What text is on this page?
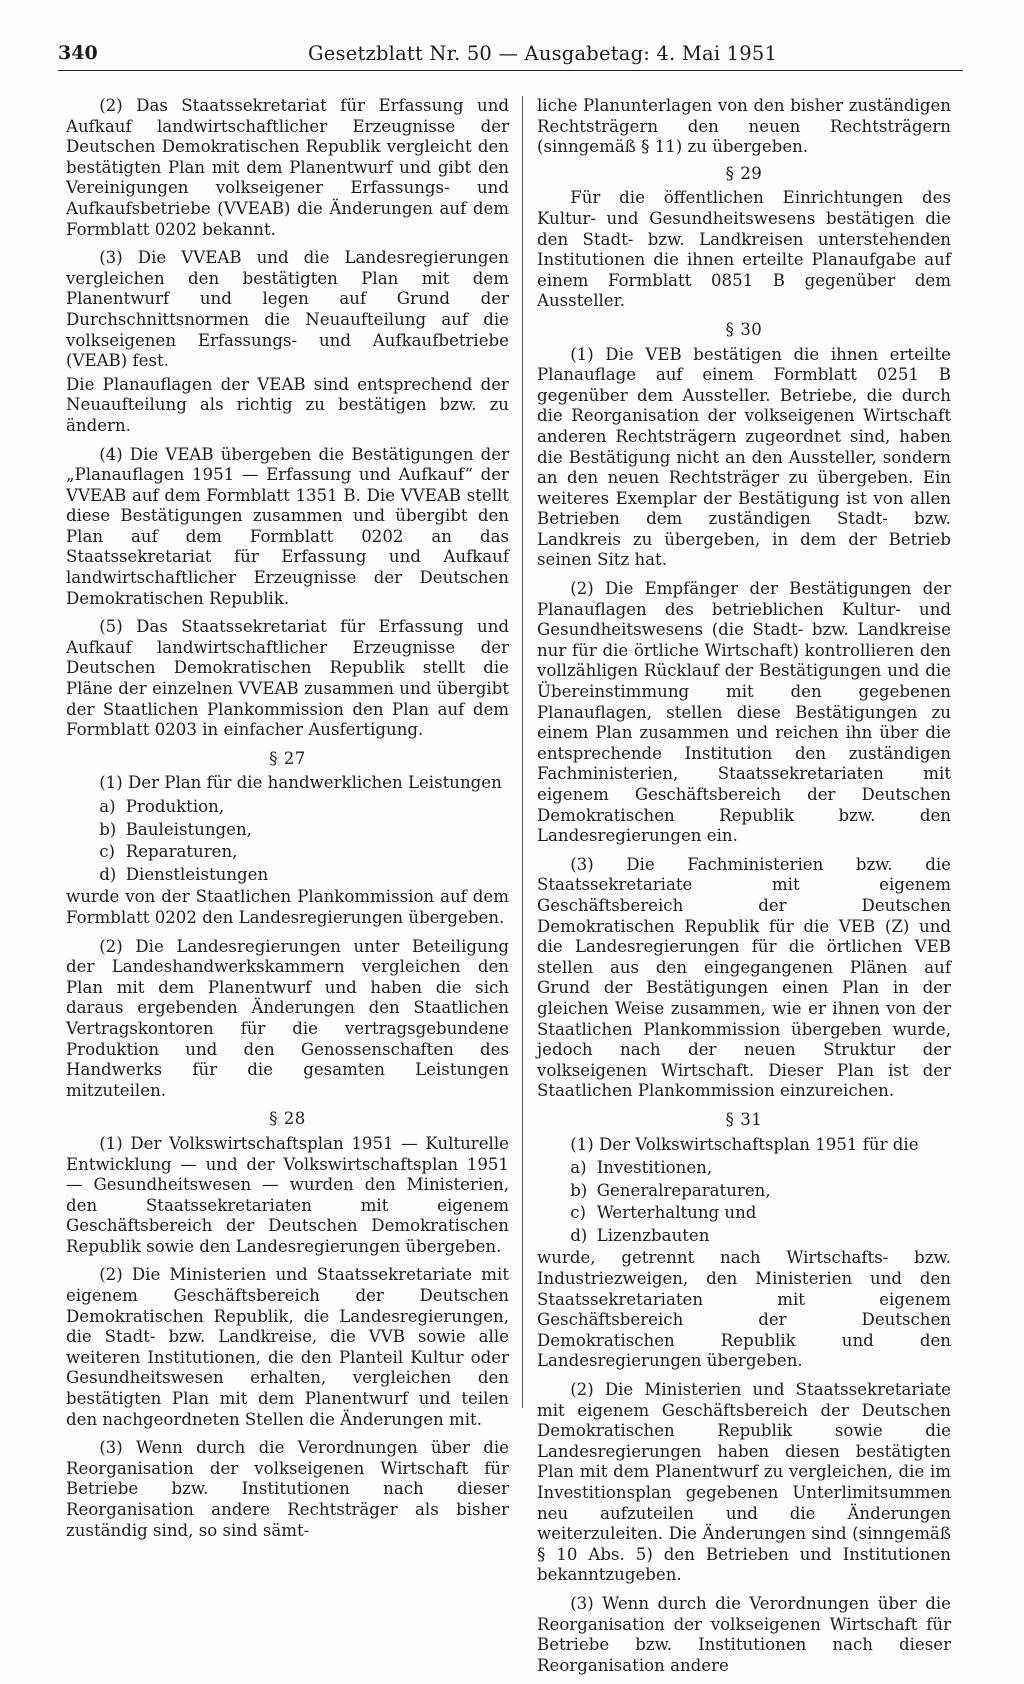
340	Gesetzblatt Nr. 50 — Ausgabetag: 4. Mai 1951

(2) Das Staatssekretariat für Erfassung und Aufkauf landwirtschaftlicher Erzeugnisse der Deutschen Demokratischen Republik vergleicht den bestätigten Plan mit dem Planentwurf und gibt den Vereinigungen volkseigener Erfassungs- und Aufkaufsbetriebe (VVEAB) die Änderungen auf dem Formblatt 0202 bekannt.

(3) Die VVEAB und die Landesregierungen vergleichen den bestätigten Plan mit dem Planentwurf und legen auf Grund der Durchschnittsnormen die Neuaufteilung auf die volkseigenen Erfassungs- und Aufkaufbetriebe (VEAB) fest.

Die Planauflagen der VEAB sind entsprechend der Neuaufteilung als richtig zu bestätigen bzw. zu ändern.

(4) Die VEAB übergeben die Bestätigungen der „Planauflagen 1951 — Erfassung und Aufkauf“ der VVEAB auf dem Formblatt 1351 B. Die VVEAB stellt diese Bestätigungen zusammen und übergibt den Plan auf dem Formblatt 0202 an das Staatssekretariat für Erfassung und Aufkauf landwirtschaftlicher Erzeugnisse der Deutschen Demokratischen Republik.

(5) Das Staatssekretariat für Erfassung und Aufkauf landwirtschaftlicher Erzeugnisse der Deutschen Demokratischen Republik stellt die Pläne der einzelnen VVEAB zusammen und übergibt der Staatlichen Plankommission den Plan auf dem Formblatt 0203 in einfacher Ausfertigung.

§ 27

(1) Der Plan für die handwerklichen Leistungen

a) Produktion,
b) Bauleistungen,
c) Reparaturen,
d) Dienstleistungen

wurde von der Staatlichen Plankommission auf dem Formblatt 0202 den Landesregierungen übergeben.

(2) Die Landesregierungen unter Beteiligung der Landeshandwerkskammern vergleichen den Plan mit dem Planentwurf und haben die sich daraus ergebenden Änderungen den Staatlichen Vertragskontoren für die vertragsgebundene Produktion und den Genossenschaften des Handwerks für die gesamten Leistungen mitzuteilen.

§ 28

(1) Der Volkswirtschaftsplan 1951 — Kulturelle Entwicklung — und der Volkswirtschaftsplan 1951 — Gesundheitswesen — wurden den Ministerien, den Staatssekretariaten mit eigenem Geschäftsbereich der Deutschen Demokratischen Republik sowie den Landesregierungen übergeben.

(2) Die Ministerien und Staatssekretariate mit eigenem Geschäftsbereich der Deutschen Demokratischen Republik, die Landesregierungen, die Stadt- bzw. Landkreise, die VVB sowie alle weiteren Institutionen, die den Planteil Kultur oder Gesundheitswesen erhalten, vergleichen den bestätigten Plan mit dem Planentwurf und teilen den nachgeordneten Stellen die Änderungen mit.

(3) Wenn durch die Verordnungen über die Reorganisation der volkseigenen Wirtschaft für Betriebe bzw. Institutionen nach dieser Reorganisation andere Rechtsträger als bisher zuständig sind, so sind sämt-

liche Planunterlagen von den bisher zuständigen Rechtsträgern den neuen Rechtsträgern (sinngemäß § 11) zu übergeben.

§ 29

Für die öffentlichen Einrichtungen des Kultur- und Gesundheitswesens bestätigen die den Stadt- bzw. Landkreisen unterstehenden Institutionen die ihnen erteilte Planaufgabe auf einem Formblatt 0851 B gegenüber dem Aussteller.

§ 30

(1) Die VEB bestätigen die ihnen erteilte Planauflage auf einem Formblatt 0251 B gegenüber dem Aussteller. Betriebe, die durch die Reorganisation der volkseigenen Wirtschaft anderen Rechtsträgern zugeordnet sind, haben die Bestätigung nicht an den Aussteller, sondern an den neuen Rechtsträger zu übergeben. Ein weiteres Exemplar der Bestätigung ist von allen Betrieben dem zuständigen Stadt- bzw. Landkreis zu übergeben, in dem der Betrieb seinen Sitz hat.

(2) Die Empfänger der Bestätigungen der Planauflagen des betrieblichen Kultur- und Gesundheitswesens (die Stadt- bzw. Landkreise nur für die örtliche Wirtschaft) kontrollieren den vollzähligen Rücklauf der Bestätigungen und die Übereinstimmung mit den gegebenen Planauflagen, stellen diese Bestätigungen zu einem Plan zusammen und reichen ihn über die entsprechende Institution den zuständigen Fachministerien, Staatssekretariaten mit eigenem Geschäftsbereich der Deutschen Demokratischen Republik bzw. den Landesregierungen ein.

(3) Die Fachministerien bzw. die Staatssekretariate mit eigenem Geschäftsbereich der Deutschen Demokratischen Republik für die VEB (Z) und die Landesregierungen für die örtlichen VEB stellen aus den eingegangenen Plänen auf Grund der Bestätigungen einen Plan in der gleichen Weise zusammen, wie er ihnen von der Staatlichen Plankommission übergeben wurde, jedoch nach der neuen Struktur der volkseigenen Wirtschaft. Dieser Plan ist der Staatlichen Plankommission einzureichen.

§ 31

(1) Der Volkswirtschaftsplan 1951 für die

a) Investitionen,
b) Generalreparaturen,
c) Werterhaltung und
d) Lizenzbauten

wurde, getrennt nach Wirtschafts- bzw. Industriezweigen, den Ministerien und den Staatssekretariaten mit eigenem Geschäftsbereich der Deutschen Demokratischen Republik und den Landesregierungen übergeben.

(2) Die Ministerien und Staatssekretariate mit eigenem Geschäftsbereich der Deutschen Demokratischen Republik sowie die Landesregierungen haben diesen bestätigten Plan mit dem Planentwurf zu vergleichen, die im Investitionsplan gegebenen Unterlimitsummen neu aufzuteilen und die Änderungen weiterzuleiten. Die Änderungen sind (sinngemäß § 10 Abs. 5) den Betrieben und Institutionen bekanntzugeben.

(3) Wenn durch die Verordnungen über die Reorganisation der volkseigenen Wirtschaft für Betriebe bzw. Institutionen nach dieser Reorganisation andere
